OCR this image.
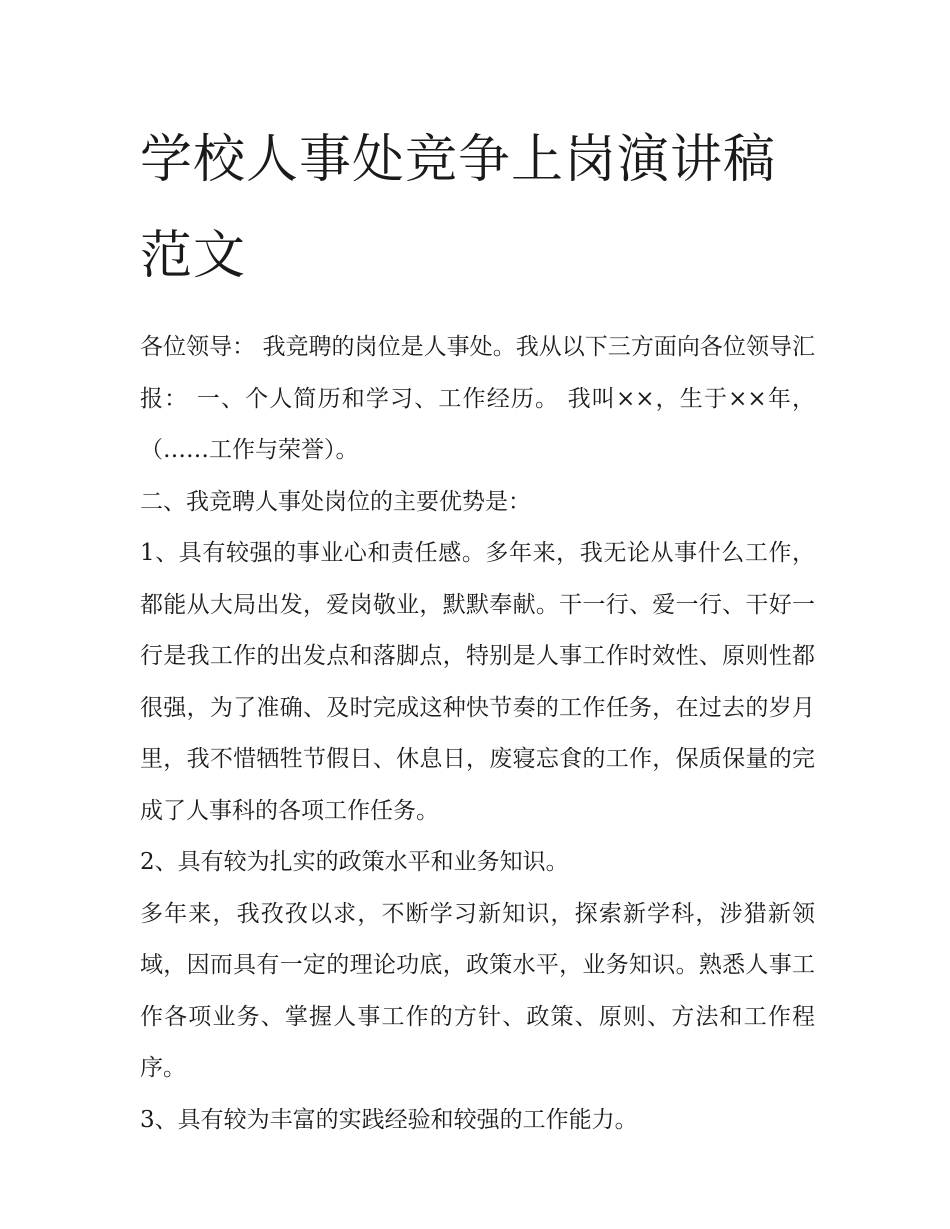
学校人事处竞争上岗演讲稿范文

各位领导： 我竞聘的岗位是人事处。我从以下三方面向各位领导汇报： 一、个人简历和学习、工作经历。 我叫××，生于××年，（……工作与荣誉）。

二、我竞聘人事处岗位的主要优势是：

1、具有较强的事业心和责任感。多年来，我无论从事什么工作，都能从大局出发，爱岗敬业，默默奉献。干一行、爱一行、干好一行是我工作的出发点和落脚点，特别是人事工作时效性、原则性都很强，为了准确、及时完成这种快节奏的工作任务，在过去的岁月里，我不惜牺牲节假日、休息日，废寝忘食的工作，保质保量的完成了人事科的各项工作任务。

2、具有较为扎实的政策水平和业务知识。

多年来，我孜孜以求，不断学习新知识，探索新学科，涉猎新领域，因而具有一定的理论功底，政策水平，业务知识。熟悉人事工作各项业务、掌握人事工作的方针、政策、原则、方法和工作程序。

3、具有较为丰富的实践经验和较强的工作能力。
